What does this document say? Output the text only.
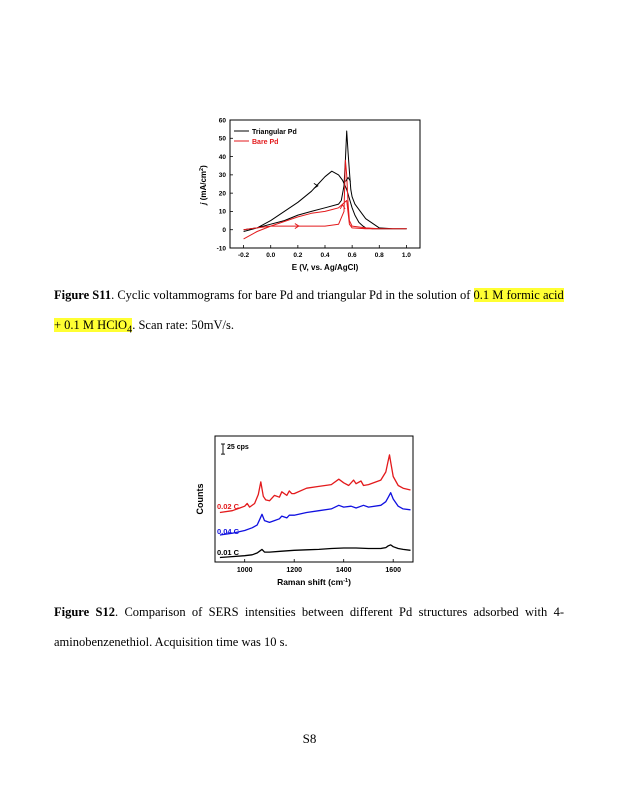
-0.2	0.0	0.2	0.4	0.6	0.8	1.0
-10
0
10
20
30
40
50
60
Triangular Pd
Bare Pd
E (V, vs. Ag/AgCl)
j $(mA/cm^2)$
Figure S11. Cyclic voltammograms for bare Pd and triangular Pd in the solution of 0.1 M formic acid
+ 0.1 M HClO$_4$. Scan rate: 50mV/s.
1000	1200	1400	1600
25 cps
0.02 C
0.04 C
0.01 C
Raman shift $(cm^{-1})$
Counts
Figure S12. Comparison of SERS intensities between different Pd structures adsorbed with 4-aminobenzenethiol. Acquisition time was 10 s.
S8
